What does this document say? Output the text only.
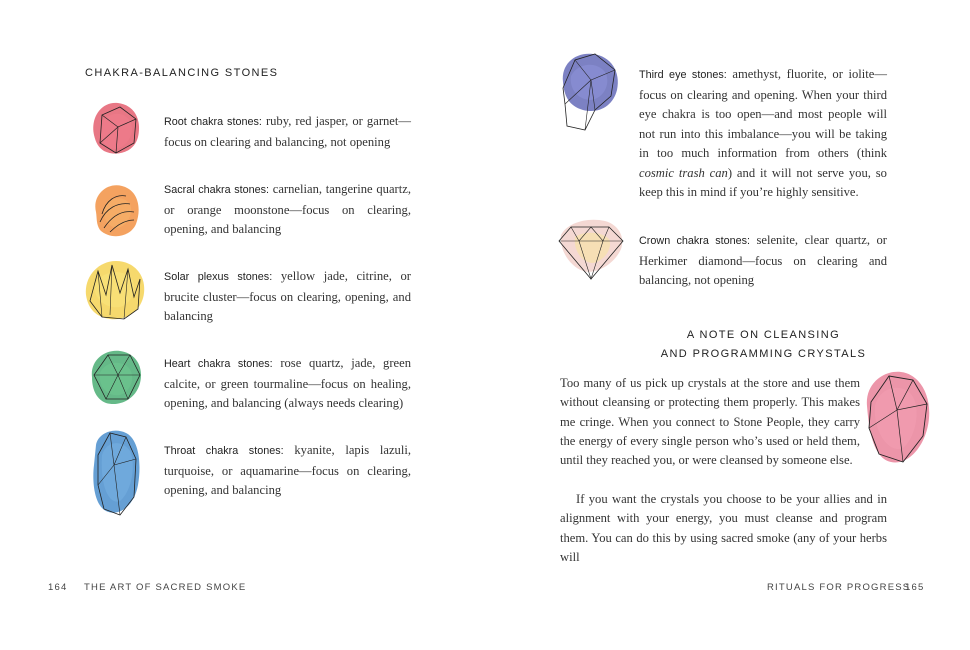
CHAKRA-BALANCING STONES
Root chakra stones: ruby, red jasper, or garnet—focus on clearing and balancing, not opening
Sacral chakra stones: carnelian, tangerine quartz, or orange moonstone—focus on clearing, opening, and balancing
Solar plexus stones: yellow jade, citrine, or brucite cluster—focus on clearing, opening, and balancing
Heart chakra stones: rose quartz, jade, green calcite, or green tourmaline—focus on healing, opening, and balancing (always needs clearing)
Throat chakra stones: kyanite, lapis lazuli, turquoise, or aquamarine—focus on clearing, opening, and balancing
164 THE ART OF SACRED SMOKE
Third eye stones: amethyst, fluorite, or iolite—focus on clearing and opening. When your third eye chakra is too open—and most people will not run into this imbalance—you will be taking in too much information from others (think cosmic trash can) and it will not serve you, so keep this in mind if you’re highly sensitive.
Crown chakra stones: selenite, clear quartz, or Herkimer diamond—focus on clearing and balancing, not opening
A NOTE ON CLEANSING
AND PROGRAMMING CRYSTALS

Too many of us pick up crystals at the store and use them without cleansing or protecting them properly. This makes me cringe. When you connect to Stone People, they carry the energy of every single person who’s used or held them, until they reached you, or were cleansed by someone else.

If you want the crystals you choose to be your allies and in alignment with your energy, you must cleanse and program them. You can do this by using sacred smoke (any of your herbs will

RITUALS FOR PROGRESS
165
